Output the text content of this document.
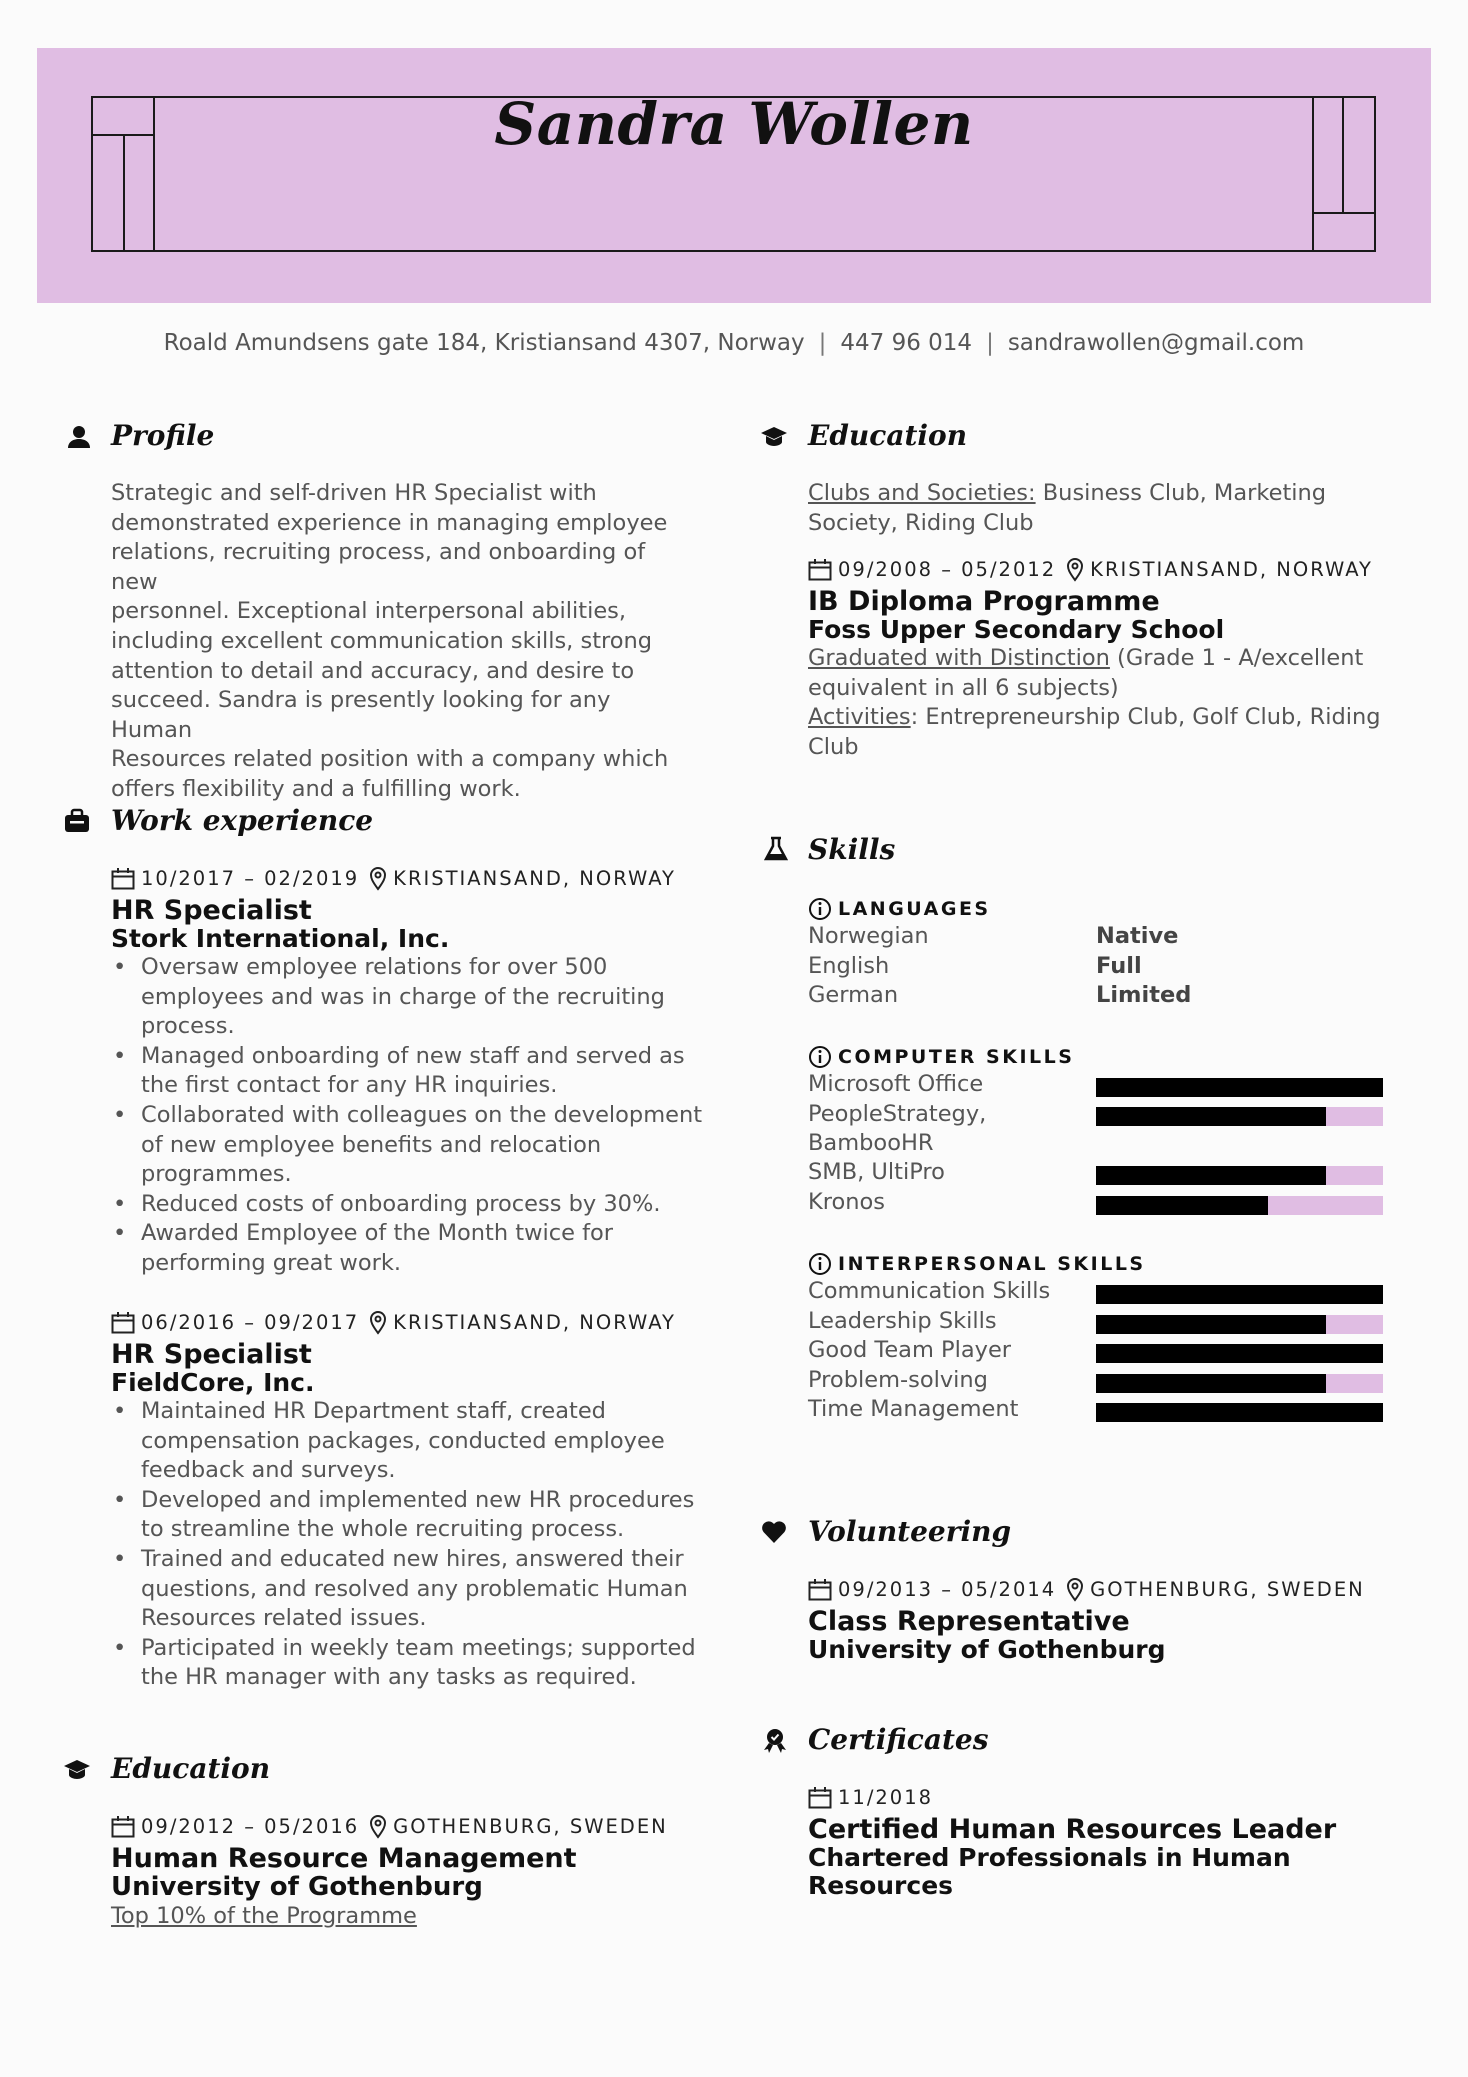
Sandra Wollen
Roald Amundsens gate 184, Kristiansand 4307, Norway | 447 96 014 | sandrawollen@gmail.com
Profile
Strategic and self-driven HR Specialist with
demonstrated experience in managing employee
relations, recruiting process, and onboarding of new
personnel. Exceptional interpersonal abilities,
including excellent communication skills, strong
attention to detail and accuracy, and desire to
succeed. Sandra is presently looking for any Human
Resources related position with a company which
offers flexibility and a fulfilling work.
Work experience
10/2017 – 02/2019 KRISTIANSAND, NORWAY
HR Specialist
Stork International, Inc.
• Oversaw employee relations for over 500
employees and was in charge of the recruiting
process.
• Managed onboarding of new staff and served as
the first contact for any HR inquiries.
• Collaborated with colleagues on the development
of new employee benefits and relocation
programmes.
• Reduced costs of onboarding process by 30%.
• Awarded Employee of the Month twice for
performing great work.
06/2016 – 09/2017 KRISTIANSAND, NORWAY
HR Specialist
FieldCore, Inc.
• Maintained HR Department staff, created
compensation packages, conducted employee
feedback and surveys.
• Developed and implemented new HR procedures
to streamline the whole recruiting process.
• Trained and educated new hires, answered their
questions, and resolved any problematic Human
Resources related issues.
• Participated in weekly team meetings; supported
the HR manager with any tasks as required.
Education
09/2012 – 05/2016 GOTHENBURG, SWEDEN
Human Resource Management
University of Gothenburg
Top 10% of the Programme
Education
Clubs and Societies: Business Club, Marketing
Society, Riding Club
09/2008 – 05/2012 KRISTIANSAND, NORWAY
IB Diploma Programme
Foss Upper Secondary School
Graduated with Distinction (Grade 1 - A/excellent
equivalent in all 6 subjects)
Activities: Entrepreneurship Club, Golf Club, Riding
Club
Skills
LANGUAGES
Norwegian	Native
English	Full
German	Limited
COMPUTER SKILLS
Microsoft Office
PeopleStrategy,
BambooHR
SMB, UltiPro
Kronos
INTERPERSONAL SKILLS
Communication Skills
Leadership Skills
Good Team Player
Problem-solving
Time Management
Volunteering
09/2013 – 05/2014 GOTHENBURG, SWEDEN
Class Representative
University of Gothenburg
Certificates
11/2018
Certified Human Resources Leader
Chartered Professionals in Human
Resources
